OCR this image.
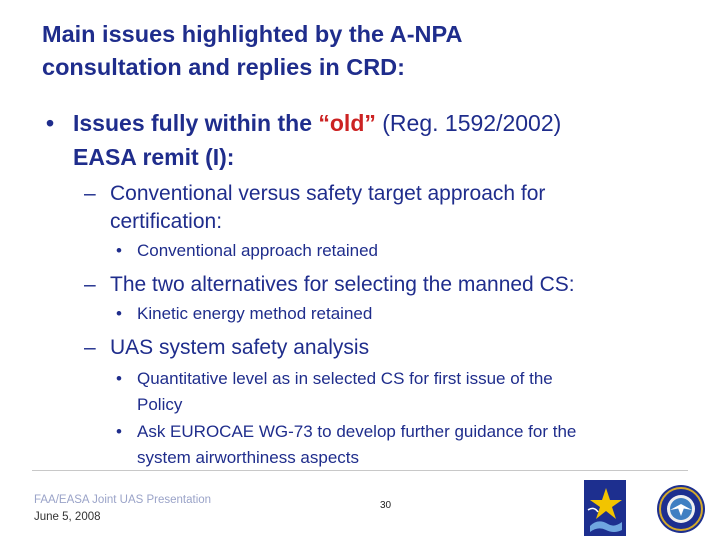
Main issues highlighted by the A-NPA
consultation and replies in CRD:
• Issues fully within the “old” (Reg. 1592/2002)
EASA remit (I):
– Conventional versus safety target approach for
certification:
• Conventional approach retained
– The two alternatives for selecting the manned CS:
• Kinetic energy method retained
– UAS system safety analysis
• Quantitative level as in selected CS for first issue of the
Policy
• Ask EUROCAE WG-73 to develop further guidance for the
system airworthiness aspects
FAA/EASA Joint UAS Presentation
June 5, 2008
30
